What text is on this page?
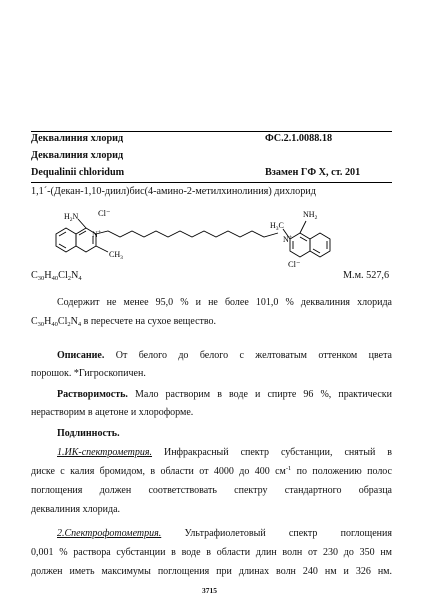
Деквалиния хлорид	ФС.2.1.0088.18
Деквалиния хлорид
Dequalinii chloridum	Взамен ГФ X, ст. 201
1,1´-(Декан-1,10-диил)бис(4-амино-2-метилхинолиния) дихлорид
Cl⁻
Cl⁻
N+
N+
$H_2N$
$CH_3$
$H_3C$
$NH_2$
$C_{30}H_{40}Cl_2N_4$	М.м. 527,6
Содержит не менее 95,0 % и не более 101,0 % деквалиния хлорида
$C_{30}H_{40}Cl_2N_4$ в пересчете на сухое вещество.
Описание. От белого до белого с желтоватым оттенком цвета
порошок. *Гигроскопичен.
Растворимость. Мало растворим в воде и спирте 96 %, практически
нерастворим в ацетоне и хлороформе.
Подлинность.
1.ИК-спектрометрия. Инфракрасный спектр субстанции, снятый в
диске с калия бромидом, в области от 4000 до 400 $см^{-1}$ по положению полос
поглощения должен соответствовать спектру стандартного образца
деквалиния хлорида.
2.Спектрофотометрия. Ультрафиолетовый спектр поглощения
0,001 % раствора субстанции в воде в области длин волн от 230 до 350 нм
должен иметь максимумы поглощения при длинах волн 240 нм и 326 нм.
3715
